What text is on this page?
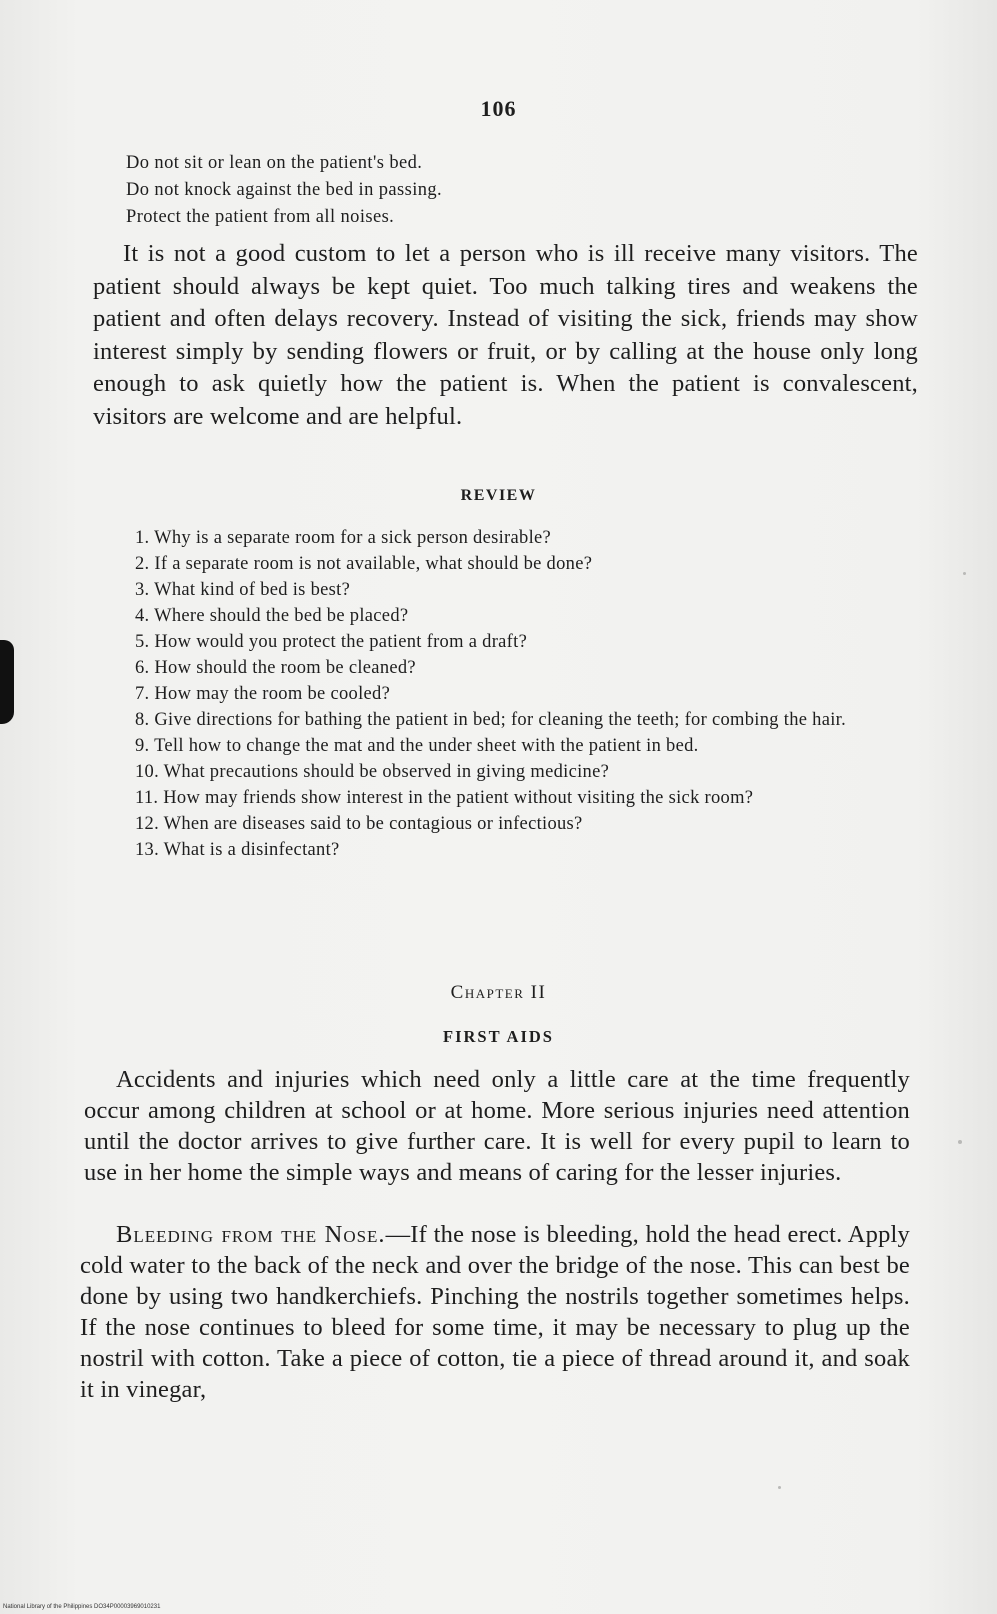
106
Do not sit or lean on the patient's bed.
Do not knock against the bed in passing.
Protect the patient from all noises.

It is not a good custom to let a person who is ill receive many visitors. The patient should always be kept quiet. Too much talking tires and weakens the patient and often delays recovery. Instead of visiting the sick, friends may show interest simply by sending flowers or fruit, or by calling at the house only long enough to ask quietly how the patient is. When the patient is convalescent, visitors are welcome and are helpful.

REVIEW
1. Why is a separate room for a sick person desirable?
2. If a separate room is not available, what should be done?
3. What kind of bed is best?
4. Where should the bed be placed?
5. How would you protect the patient from a draft?
6. How should the room be cleaned?
7. How may the room be cooled?
8. Give directions for bathing the patient in bed; for cleaning the teeth; for combing the hair.
9. Tell how to change the mat and the under sheet with the patient in bed.
10. What precautions should be observed in giving medicine?
11. How may friends show interest in the patient without visiting the sick room?
12. When are diseases said to be contagious or infectious?
13. What is a disinfectant?
Chapter II
FIRST AIDS

Accidents and injuries which need only a little care at the time frequently occur among children at school or at home. More serious injuries need attention until the doctor arrives to give further care. It is well for every pupil to learn to use in her home the simple ways and means of caring for the lesser injuries.

Bleeding from the Nose.—If the nose is bleeding, hold the head erect. Apply cold water to the back of the neck and over the bridge of the nose. This can best be done by using two handkerchiefs. Pinching the nostrils together sometimes helps. If the nose continues to bleed for some time, it may be necessary to plug up the nostril with cotton. Take a piece of cotton, tie a piece of thread around it, and soak it in vinegar,

National Library of the Philippines DO34P00003969010231
